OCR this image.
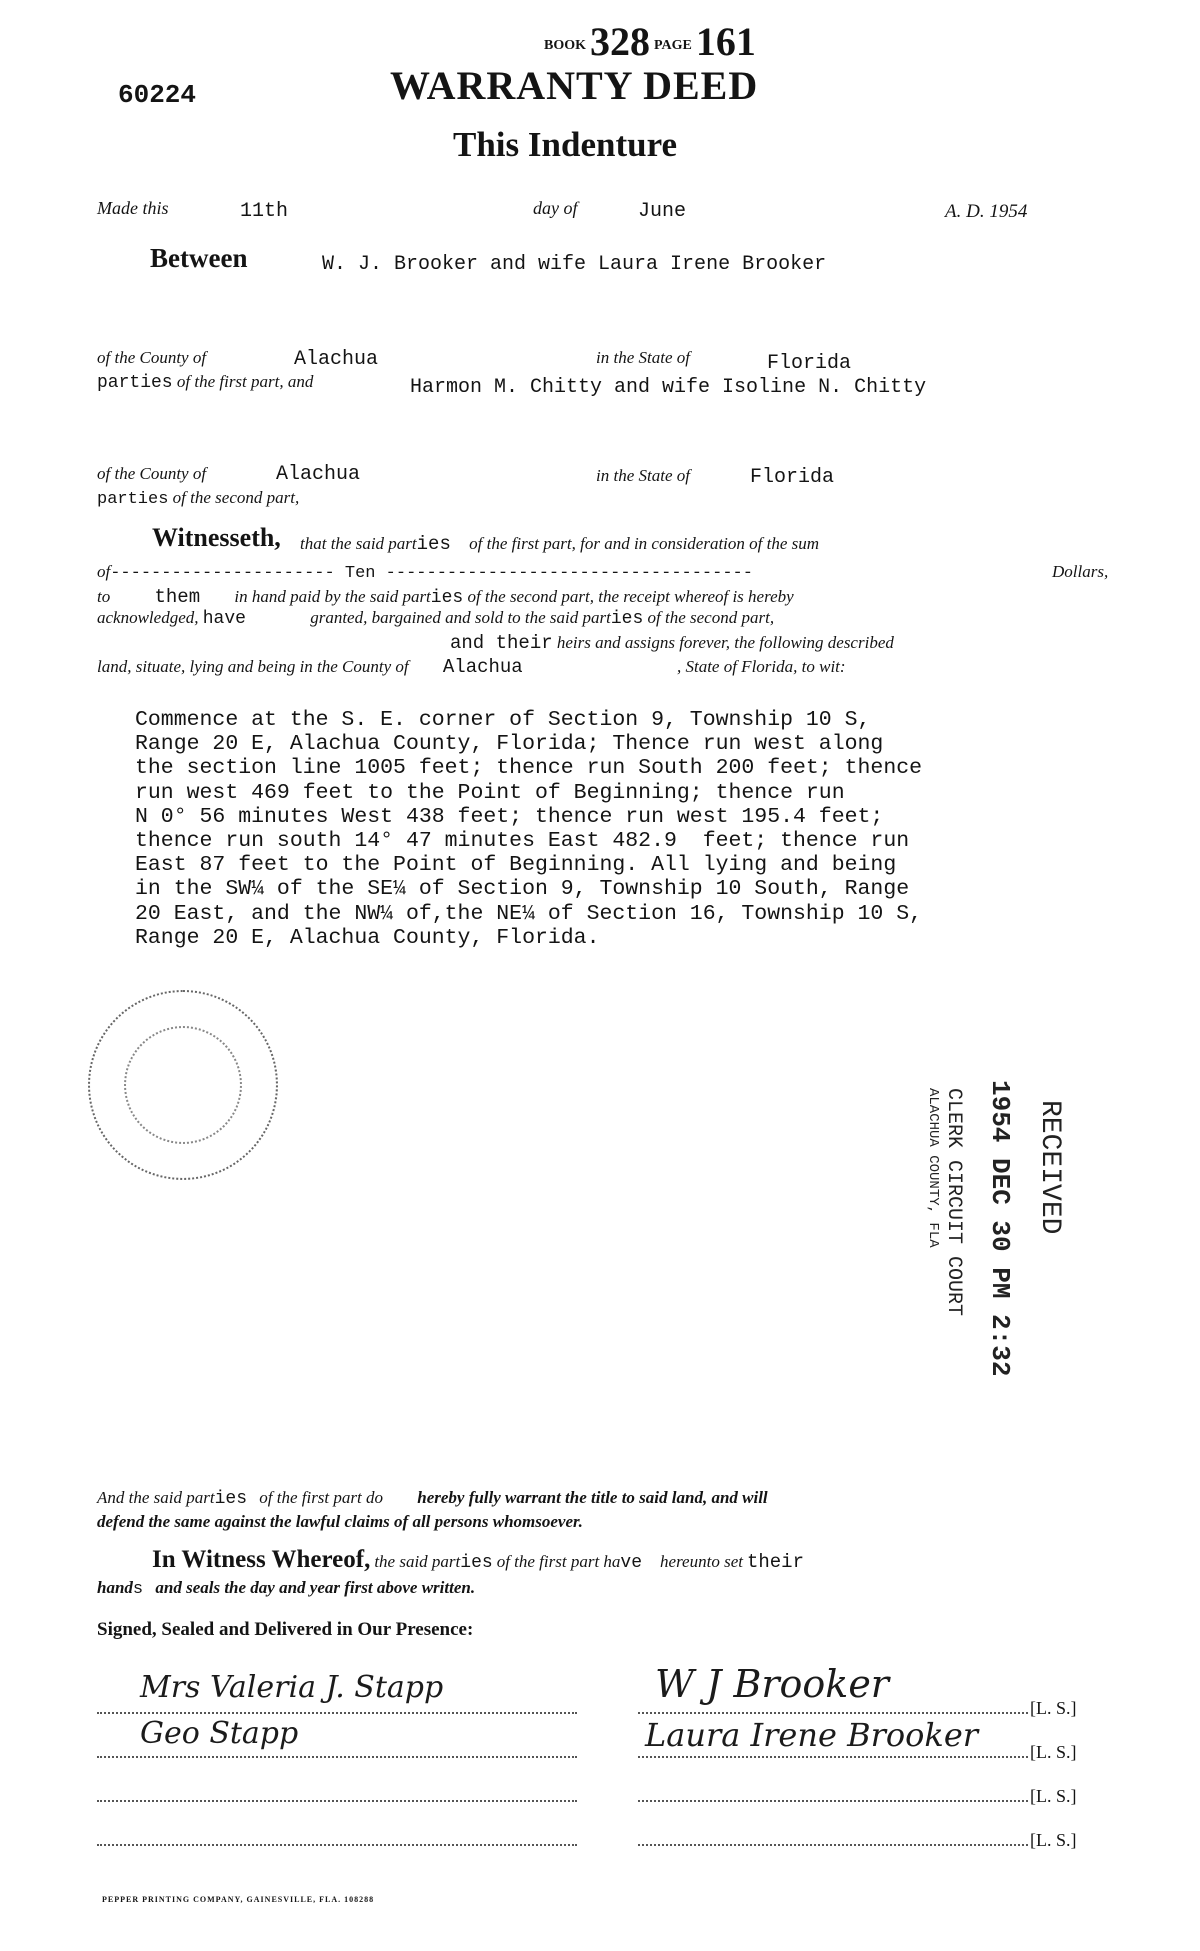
BOOK 328 PAGE 161
60224	WARRANTY DEED
This Indenture
Made this	11th	day of	June	A. D. 1954
Between	W. J. Brooker and wife Laura Irene Brooker
of the County of	Alachua	in the State of	Florida
parties of the first part, and	Harmon M. Chitty and wife Isoline N. Chitty
of the County of	Alachua	in the State of	Florida
parties of the second part,
Witnesseth, that the said parties of the first part, for and in consideration of the sum
of---------------------- Ten ------------------------------------	Dollars,
to them in hand paid by the said parties of the second part, the receipt whereof is hereby
acknowledged, have	granted, bargained and sold to the said parties of the second part,
and their heirs and assigns forever, the following described
land, situate, lying and being in the County of Alachua	, State of Florida, to wit:
Commence at the S. E. corner of Section 9, Township 10 S,
Range 20 E, Alachua County, Florida; Thence run west along
the section line 1005 feet; thence run South 200 feet; thence
run west 469 feet to the Point of Beginning; thence run
N 0° 56 minutes West 438 feet; thence run west 195.4 feet;
thence run south 14° 47 minutes East 482.9  feet; thence run
East 87 feet to the Point of Beginning. All lying and being
in the SW¼ of the SE¼ of Section 9, Township 10 South, Range
20 East, and the NW¼ of,the NE¼ of Section 16, Township 10 S,
Range 20 E, Alachua County, Florida.
RECEIVED
1954 DEC 30 PM 2:32
CLERK CIRCUIT COURT
ALACHUA COUNTY, FLA
And the said parties of the first part do hereby fully warrant the title to said land, and will
defend the same against the lawful claims of all persons whomsoever.
In Witness Whereof, the said parties of the first part have hereunto set their
hands and seals the day and year first above written.
Signed, Sealed and Delivered in Our Presence:
Mrs Valeria J. Stapp
Geo Stapp
W J Brooker
[L. S.]
Laura Irene Brooker	[L. S.]
[L. S.]
[L. S.]
PEPPER PRINTING COMPANY, GAINESVILLE, FLA. 108288
